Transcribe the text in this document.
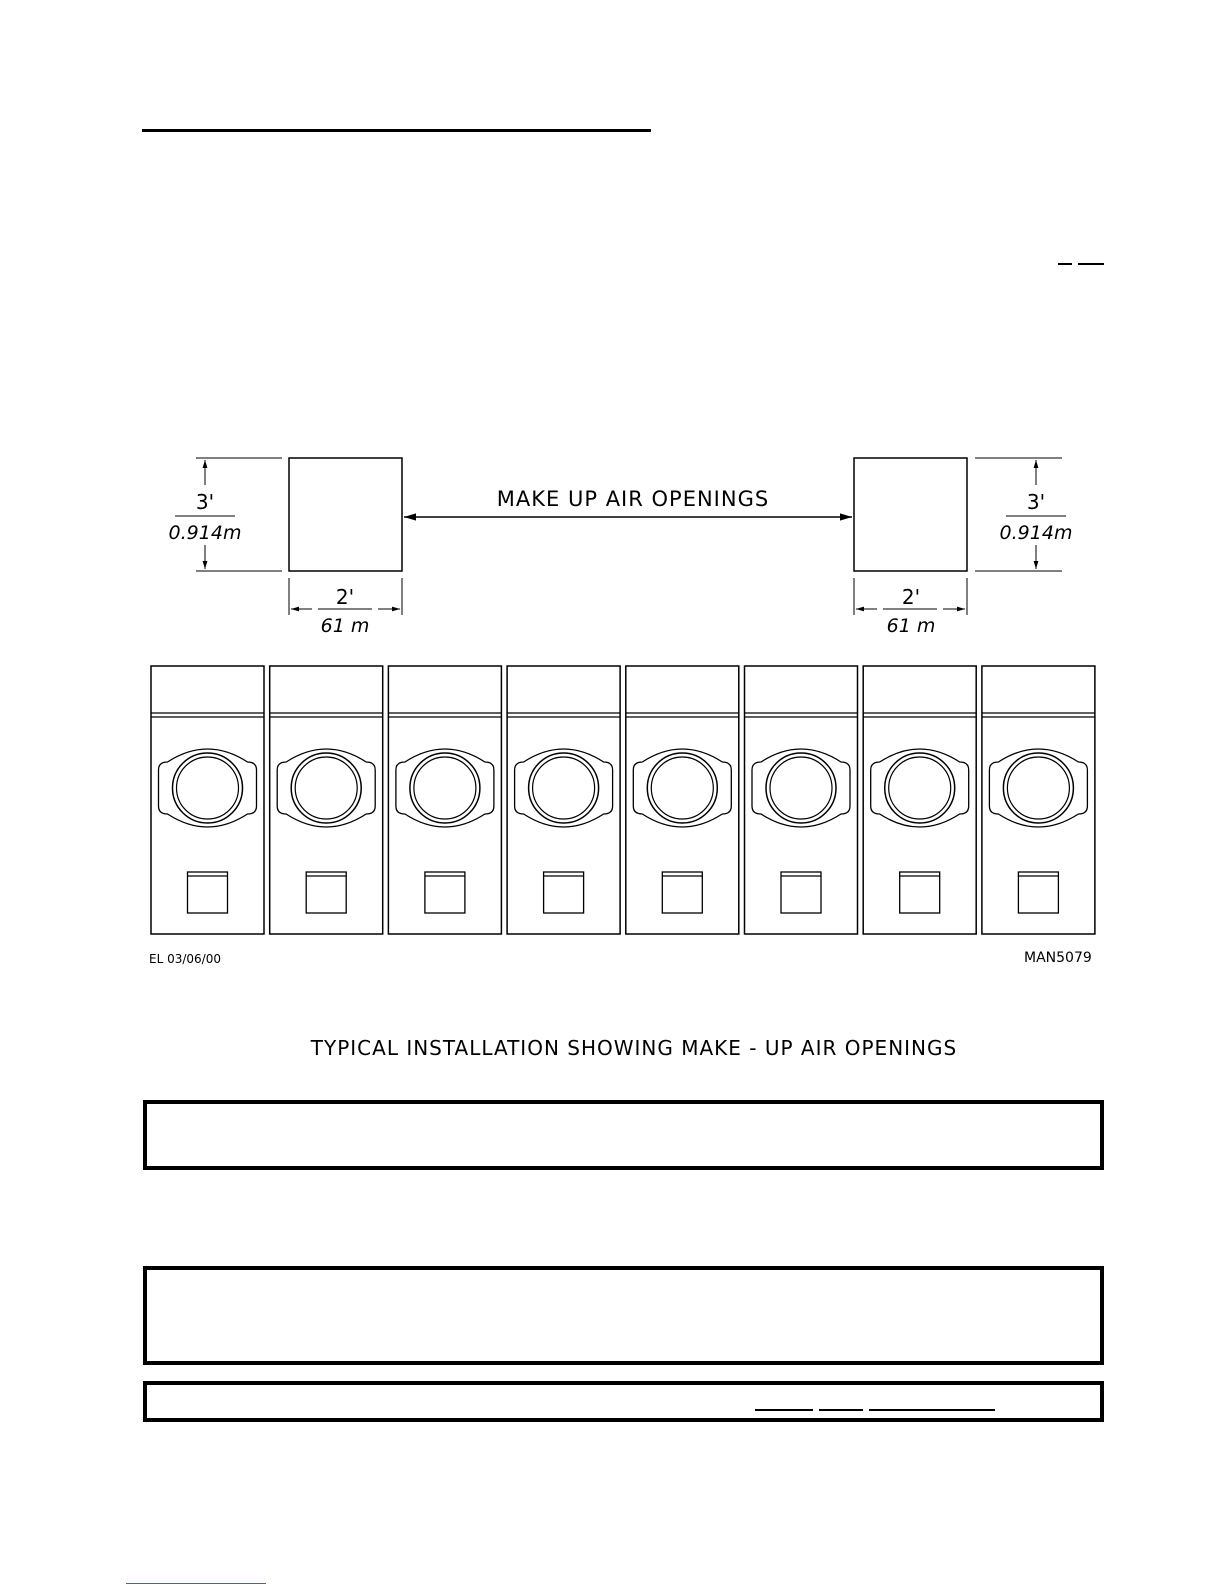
3'
0.914m
2'
61 m
MAKE UP AIR OPENINGS	3'
0.914m
2'
61 m
EL 03/06/00	MAN5079
TYPICAL INSTALLATION SHOWING MAKE - UP AIR OPENINGS
